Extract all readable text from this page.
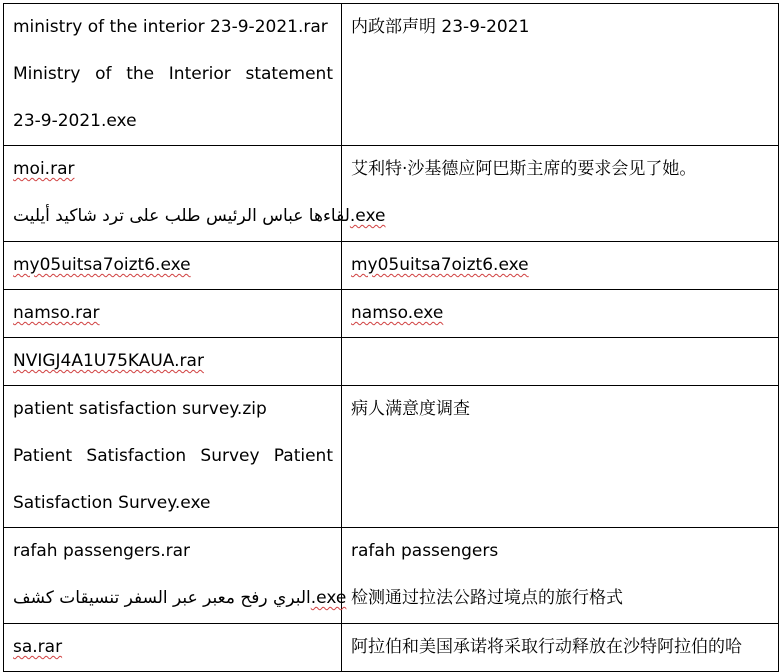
ministry of the interior 23-9-2021.rar
Ministry of the Interior statement
23-9-2021.exe	内政部声明 23-9-2021

moi.rar
لقاءها عباس الرئيس طلب على ترد شاكيد أيليت.exe	艾利特·沙基德应阿巴斯主席的要求会见了她。

my05uitsa7oizt6.exe	my05uitsa7oizt6.exe

namso.rar	namso.exe

NVIGJ4A1U75KAUA.rar	

patient satisfaction survey.zip
Patient Satisfaction Survey Patient
Satisfaction Survey.exe	病人满意度调查

rafah passengers.rar
البري رفح معبر عبر السفر تنسيقات كشف.exe	rafah passengers
检测通过拉法公路过境点的旅行格式

sa.rar	阿拉伯和美国承诺将采取行动释放在沙特阿拉伯的哈
